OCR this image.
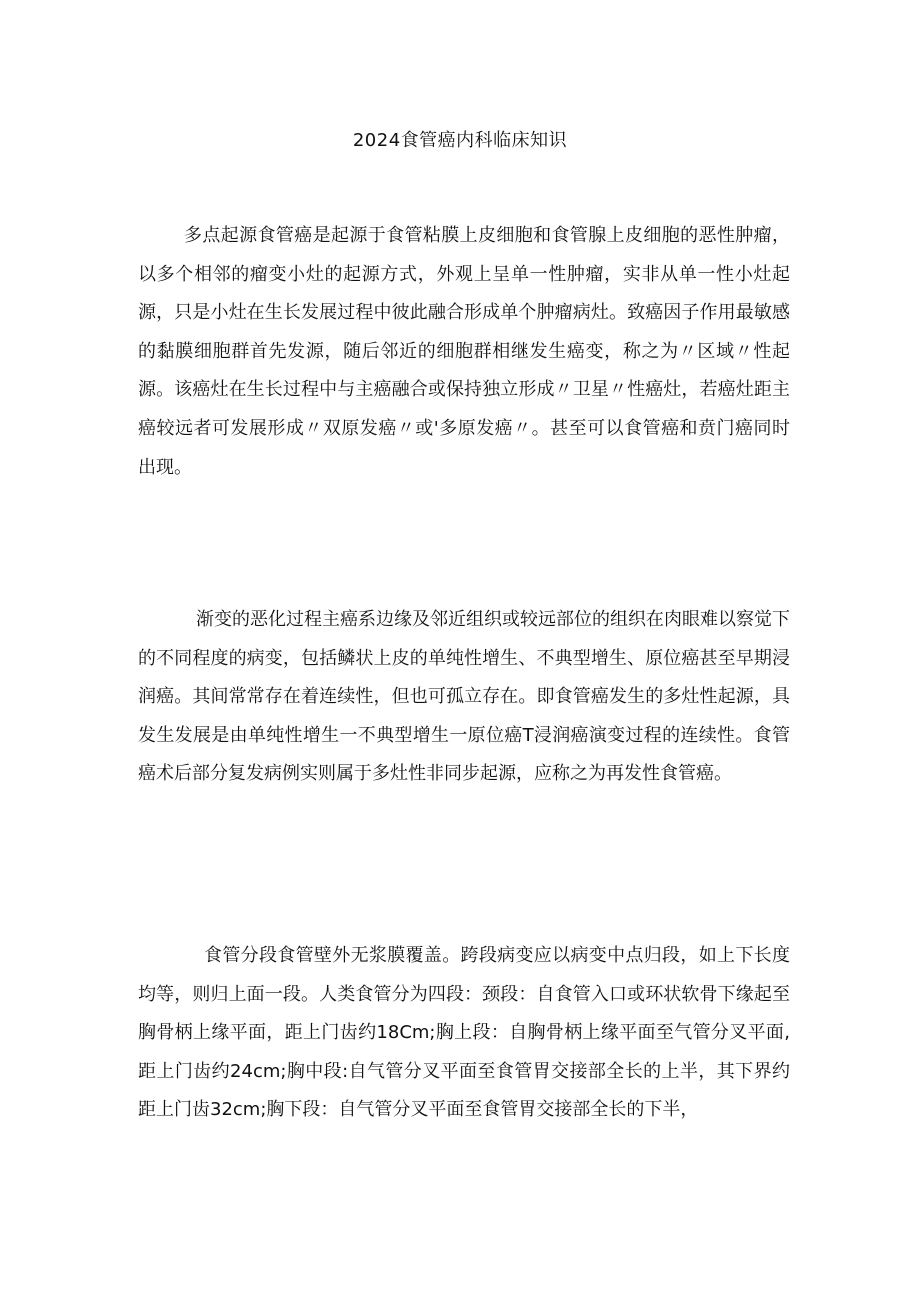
2024食管癌内科临床知识

多点起源食管癌是起源于食管粘膜上皮细胞和食管腺上皮细胞的恶性肿瘤，以多个相邻的瘤变小灶的起源方式，外观上呈单一性肿瘤，实非从单一性小灶起源，只是小灶在生长发展过程中彼此融合形成单个肿瘤病灶。致癌因子作用最敏感的黏膜细胞群首先发源，随后邻近的细胞群相继发生癌变，称之为〃区域〃性起源。该癌灶在生长过程中与主癌融合或保持独立形成〃卫星〃性癌灶，若癌灶距主癌较远者可发展形成〃双原发癌〃或'多原发癌〃。甚至可以食管癌和贲门癌同时出现。

渐变的恶化过程主癌系边缘及邻近组织或较远部位的组织在肉眼难以察觉下的不同程度的病变，包括鳞状上皮的单纯性增生、不典型增生、原位癌甚至早期浸润癌。其间常常存在着连续性，但也可孤立存在。即食管癌发生的多灶性起源，具发生发展是由单纯性增生一不典型增生一原位癌T浸润癌演变过程的连续性。食管癌术后部分复发病例实则属于多灶性非同步起源，应称之为再发性食管癌。

食管分段食管壁外无浆膜覆盖。跨段病变应以病变中点归段，如上下长度均等，则归上面一段。人类食管分为四段：颈段：自食管入口或环状软骨下缘起至胸骨柄上缘平面，距上门齿约18Cm;胸上段：自胸骨柄上缘平面至气管分叉平面,距上门齿约24cm;胸中段:自气管分叉平面至食管胃交接部全长的上半，其下界约距上门齿32cm;胸下段：自气管分叉平面至食管胃交接部全长的下半，
